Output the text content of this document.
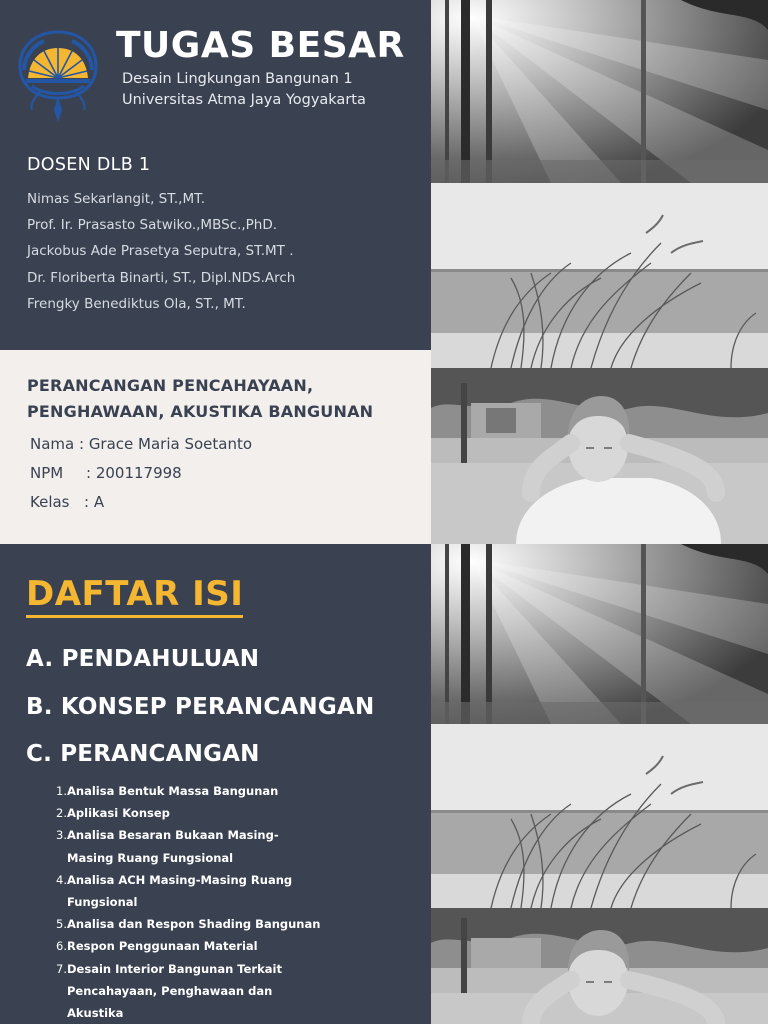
TUGAS BESAR
Desain Lingkungan Bangunan 1
Universitas Atma Jaya Yogyakarta
DOSEN DLB 1
Nimas Sekarlangit, ST.,MT.
Prof. Ir. Prasasto Satwiko.,MBSc.,PhD.
Jackobus Ade Prasetya Seputra, ST.MT .
Dr. Floriberta Binarti, ST., Dipl.NDS.Arch
Frengky Benediktus Ola, ST., MT.
PERANCANGAN PENCAHAYAAN,
PENGHAWAAN, AKUSTIKA BANGUNAN
Nama : Grace Maria Soetanto
NPM	: 200117998
Kelas : A
DAFTAR ISI
A. PENDAHULUAN
B. KONSEP PERANCANGAN
C. PERANCANGAN
1. Analisa Bentuk Massa Bangunan
2. Aplikasi Konsep
3. Analisa Besaran Bukaan Masing-Masing Ruang Fungsional
4. Analisa ACH Masing-Masing Ruang Fungsional
5. Analisa dan Respon Shading Bangunan
6. Respon Penggunaan Material
7. Desain Interior Bangunan Terkait Pencahayaan, Penghawaan dan Akustika
